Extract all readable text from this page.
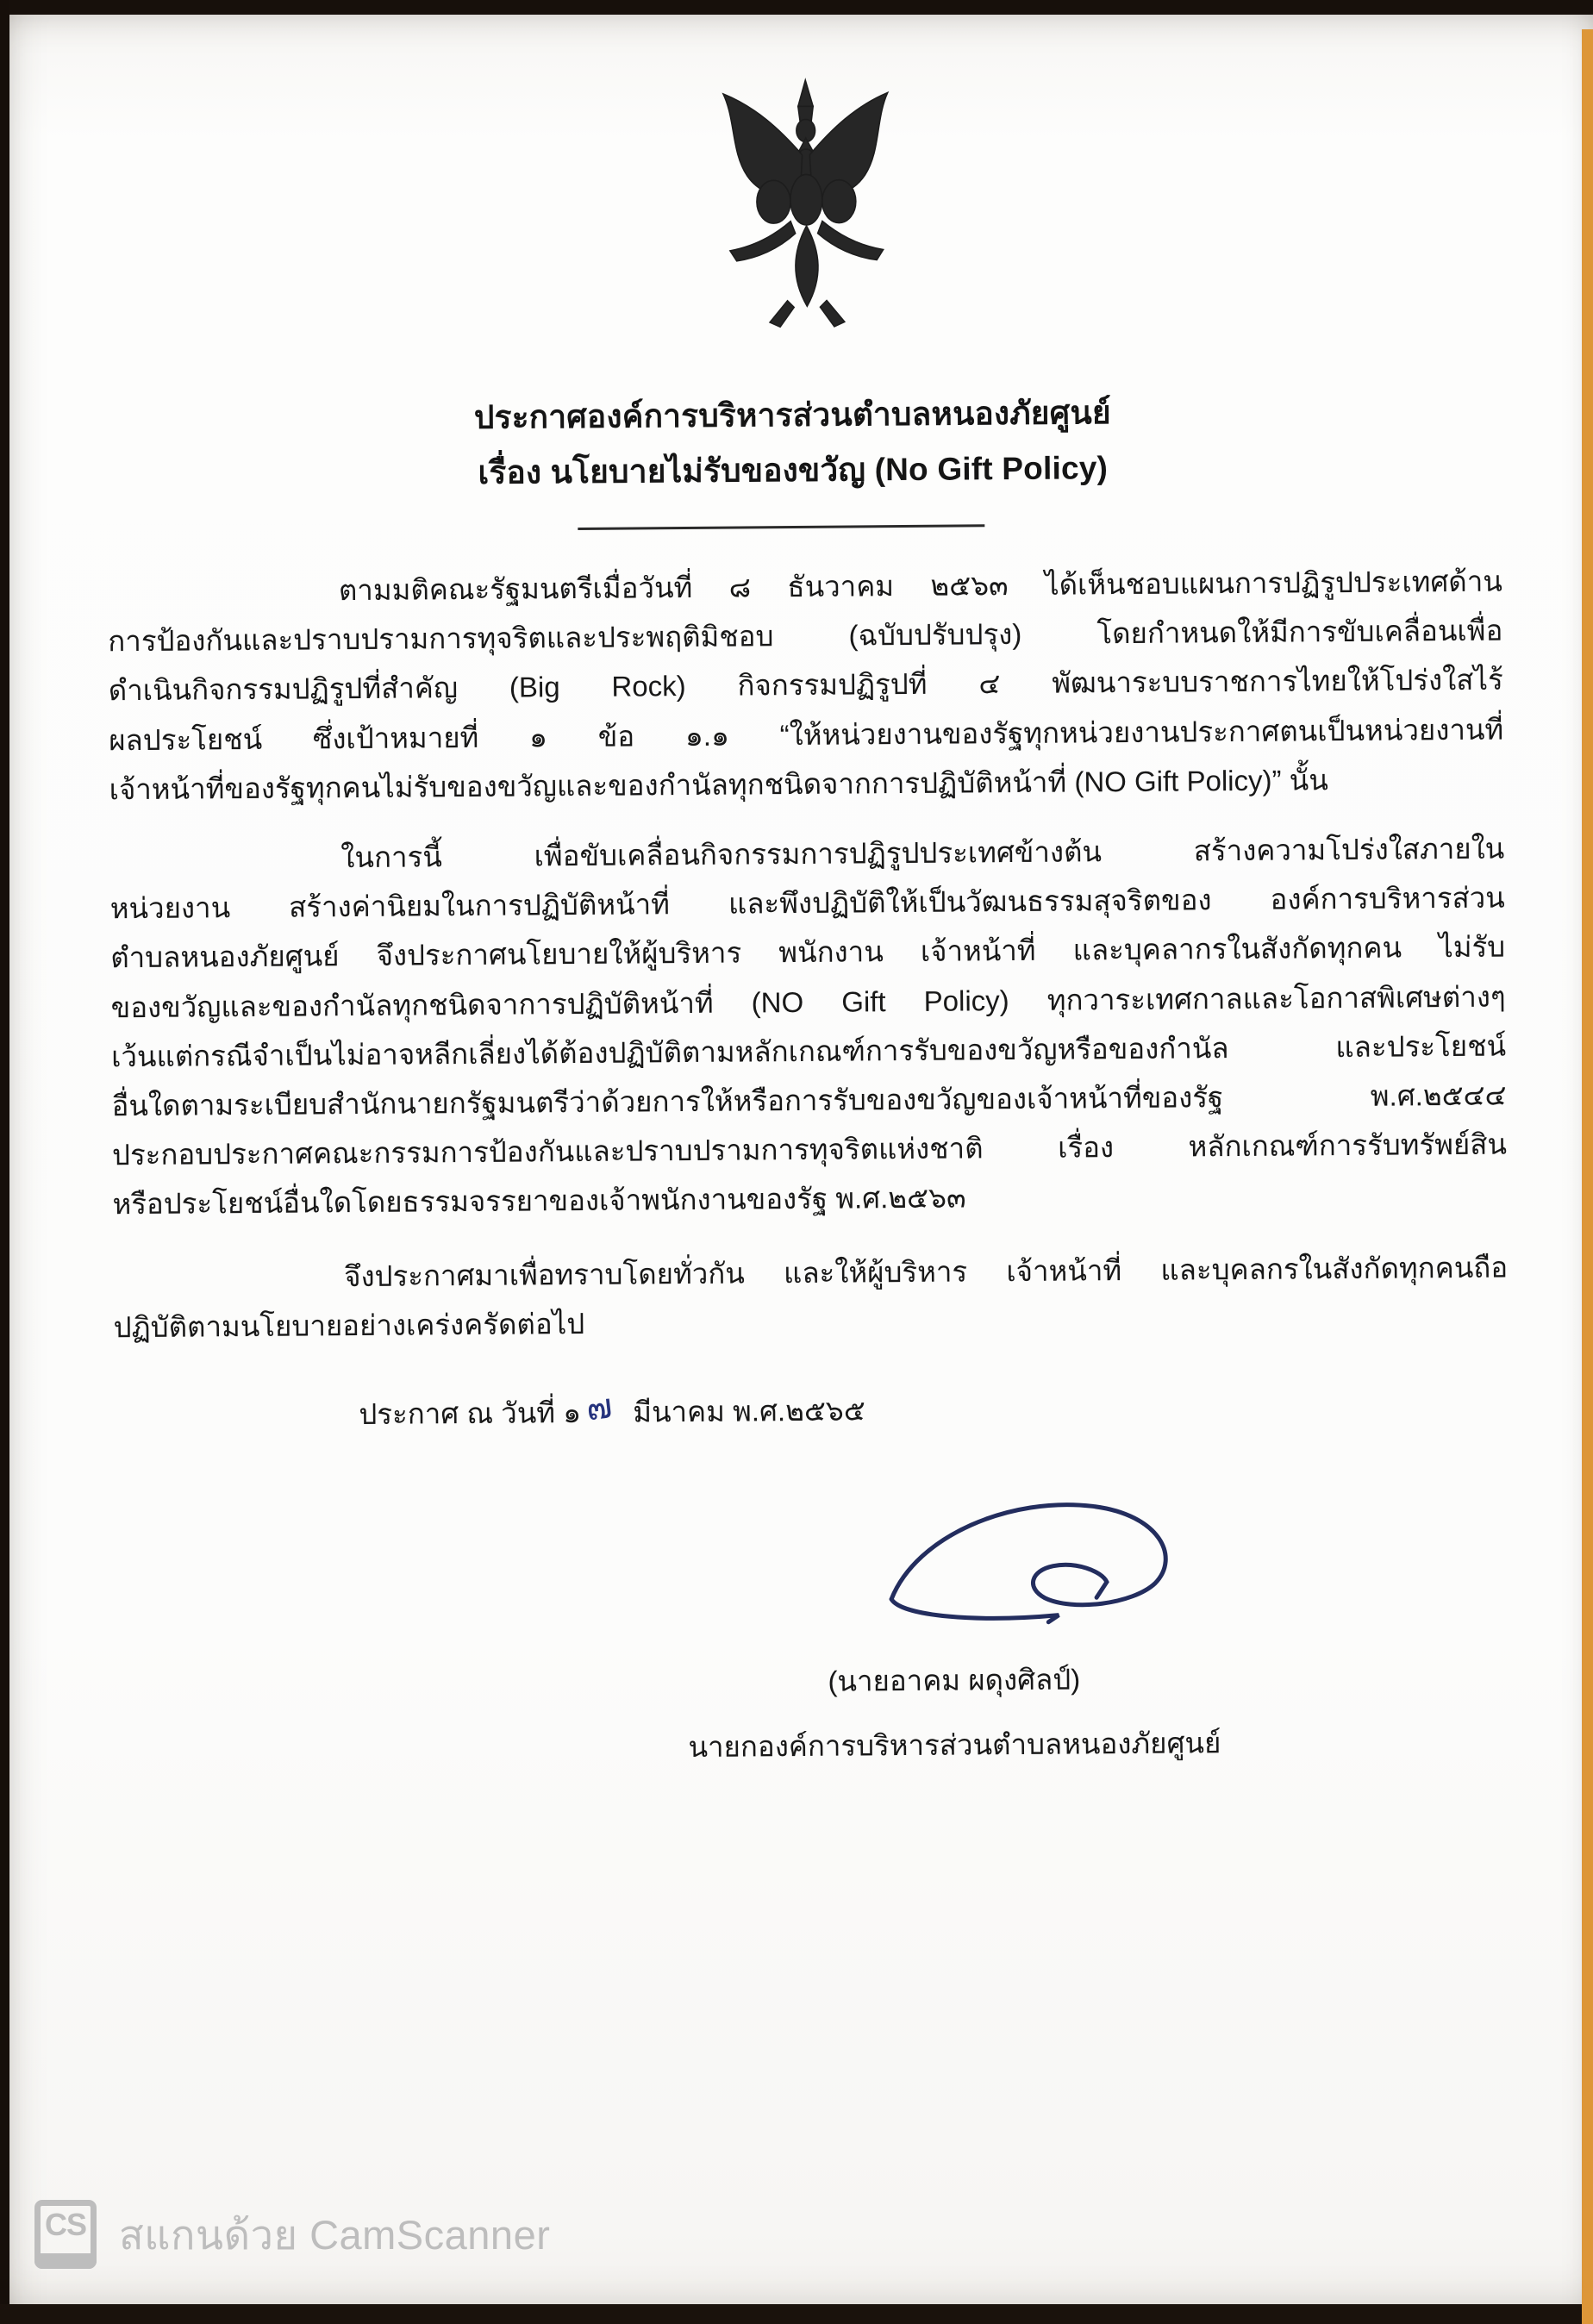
ประกาศองค์การบริหารส่วนตำบลหนองภัยศูนย์
เรื่อง นโยบายไม่รับของขวัญ (No Gift Policy)
ตามมติคณะรัฐมนตรีเมื่อวันที่ ๘ ธันวาคม ๒๕๖๓ ได้เห็นชอบแผนการปฏิรูปประเทศด้าน
การป้องกันและปราบปรามการทุจริตและประพฤติมิชอบ (ฉบับปรับปรุง) โดยกำหนดให้มีการขับเคลื่อนเพื่อ
ดำเนินกิจกรรมปฏิรูปที่สำคัญ (Big Rock) กิจกรรมปฏิรูปที่ ๔ พัฒนาระบบราชการไทยให้โปร่งใสไร้
ผลประโยชน์ ซึ่งเป้าหมายที่ ๑ ข้อ ๑.๑ “ให้หน่วยงานของรัฐทุกหน่วยงานประกาศตนเป็นหน่วยงานที่
เจ้าหน้าที่ของรัฐทุกคนไม่รับของขวัญและของกำนัลทุกชนิดจากการปฏิบัติหน้าที่ (NO Gift Policy)” นั้น
ในการนี้ เพื่อขับเคลื่อนกิจกรรมการปฏิรูปประเทศข้างต้น สร้างความโปร่งใสภายใน
หน่วยงาน สร้างค่านิยมในการปฏิบัติหน้าที่ และพึงปฏิบัติให้เป็นวัฒนธรรมสุจริตของ องค์การบริหารส่วน
ตำบลหนองภัยศูนย์ จึงประกาศนโยบายให้ผู้บริหาร พนักงาน เจ้าหน้าที่ และบุคลากรในสังกัดทุกคน ไม่รับ
ของขวัญและของกำนัลทุกชนิดจาการปฏิบัติหน้าที่ (NO Gift Policy) ทุกวาระเทศกาลและโอกาสพิเศษต่างๆ
เว้นแต่กรณีจำเป็นไม่อาจหลีกเลี่ยงได้ต้องปฏิบัติตามหลักเกณฑ์การรับของขวัญหรือของกำนัล และประโยชน์
อื่นใดตามระเบียบสำนักนายกรัฐมนตรีว่าด้วยการให้หรือการรับของขวัญของเจ้าหน้าที่ของรัฐ พ.ศ.๒๕๔๔
ประกอบประกาศคณะกรรมการป้องกันและปราบปรามการทุจริตแห่งชาติ เรื่อง หลักเกณฑ์การรับทรัพย์สิน
หรือประโยชน์อื่นใดโดยธรรมจรรยาของเจ้าพนักงานของรัฐ พ.ศ.๒๕๖๓
จึงประกาศมาเพื่อทราบโดยทั่วกัน และให้ผู้บริหาร เจ้าหน้าที่ และบุคลกรในสังกัดทุกคนถือ
ปฏิบัติตามนโยบายอย่างเคร่งครัดต่อไป
ประกาศ ณ วันที่ ๑๗ มีนาคม พ.ศ.๒๕๖๕
(นายอาคม ผดุงศิลป์)
นายกองค์การบริหารส่วนตำบลหนองภัยศูนย์
CS สแกนด้วย CamScanner
